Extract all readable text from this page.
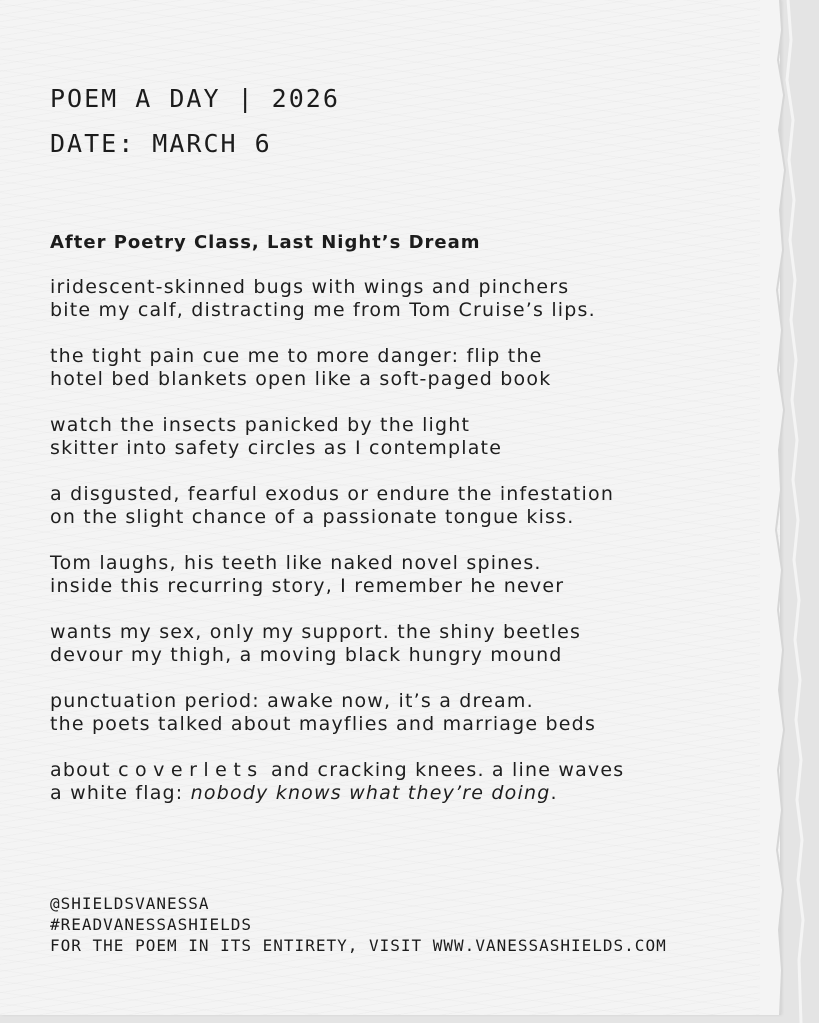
POEM A DAY | 2026
DATE: MARCH 6
After Poetry Class, Last Night’s Dream

iridescent-skinned bugs with wings and pinchers
bite my calf, distracting me from Tom Cruise’s lips.

the tight pain cue me to more danger: flip the
hotel bed blankets open like a soft-paged book

watch the insects panicked by the light
skitter into safety circles as I contemplate

a disgusted, fearful exodus or endure the infestation
on the slight chance of a passionate tongue kiss.

Tom laughs, his teeth like naked novel spines.
inside this recurring story, I remember he never

wants my sex, only my support. the shiny beetles
devour my thigh, a moving black hungry mound

punctuation period: awake now, it’s a dream.
the poets talked about mayflies and marriage beds

about coverlets and cracking knees. a line waves
a white flag: nobody knows what they’re doing.

@SHIELDSVANESSA
#READVANESSASHIELDS
FOR THE POEM IN ITS ENTIRETY, VISIT WWW.VANESSASHIELDS.COM
